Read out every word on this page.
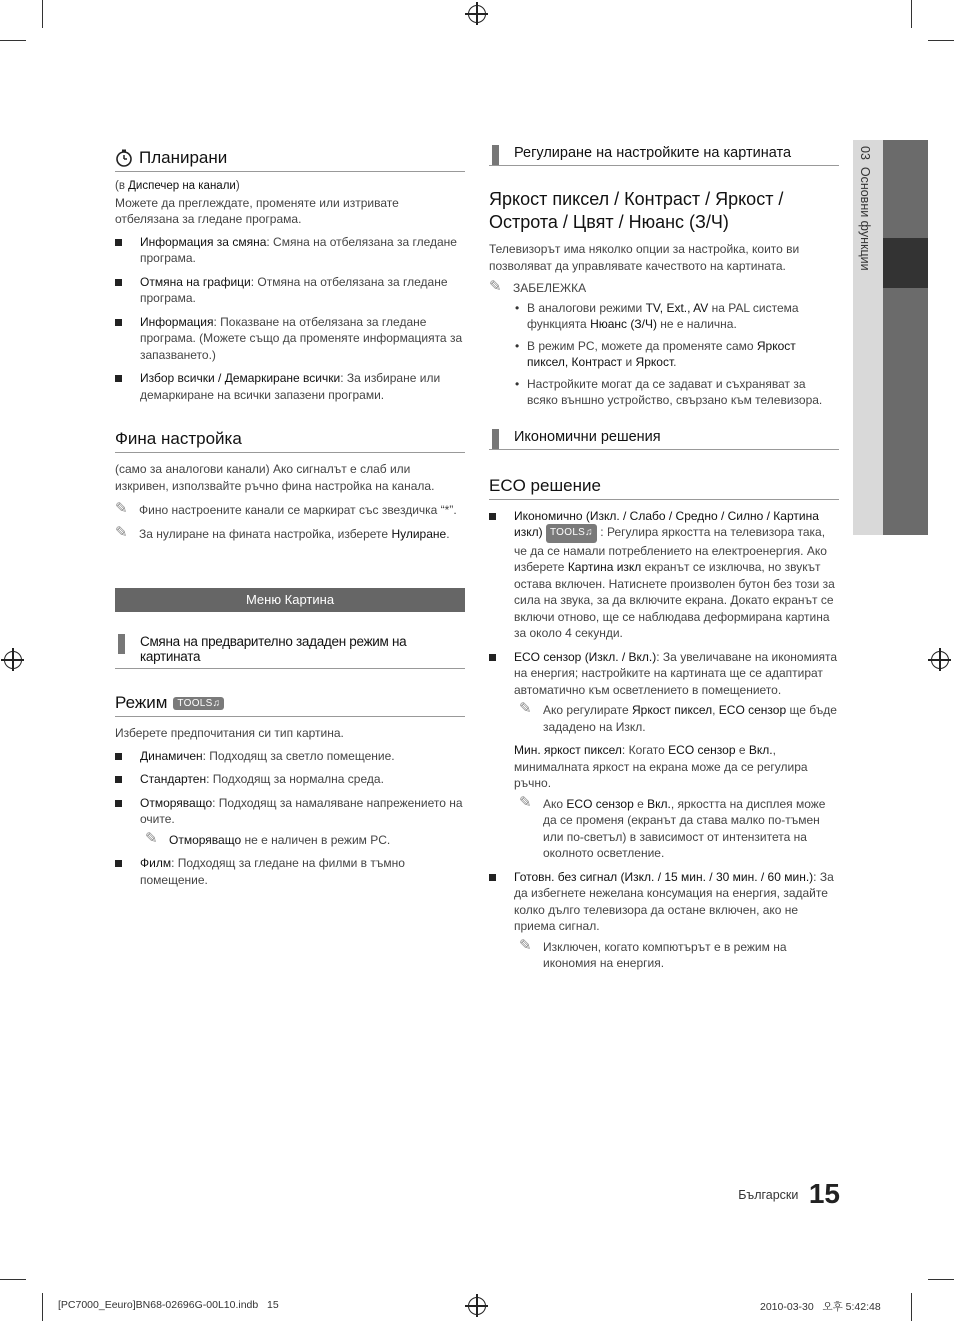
03  Основни функции
Планирани
(в Диспечер на канали)
Можете да преглеждате, променяте или изтривате отбелязана за гледане програма.
Информация за смяна: Смяна на отбелязана за гледане програма.
Отмяна на графици: Отмяна на отбелязана за гледане програма.
Информация: Показване на отбелязана за гледане програма. (Можете също да променяте информацията за запазването.)
Избор всички / Демаркиране всички: За избиране или демаркиране на всички запазени програми.
Фина настройка
(само за аналогови канали) Ако сигналът е слаб или изкривен, използвайте ръчно фина настройка на канала.
✎ Фино настроените канали се маркират със звездичка “*”.
✎ За нулиране на фината настройка, изберете Нулиране.
Меню Картина
Смяна на предварително зададен режим на картината
Режим	TOOLS♫
Изберете предпочитания си тип картина.
Динамичен: Подходящ за светло помещение.
Стандартен: Подходящ за нормална среда.
Отморяващо: Подходящ за намаляване напрежението на очите.
✎ Отморяващо не е наличен в режим PC.
Филм: Подходящ за гледане на филми в тъмно помещение.
Регулиране на настройките на картината
Яркост пиксел / Контраст / Яркост / Острота / Цвят / Нюанс (З/Ч)
Телевизорът има няколко опции за настройка, които ви позволяват да управлявате качеството на картината.
✎ ЗАБЕЛЕЖКА
• В аналогови режими TV, Ext., AV на PAL система функцията Нюанс (З/Ч) не е налична.
• В режим PC, можете да променяте само Яркост пиксел, Контраст и Яркост.
• Настройките могат да се задават и съхраняват за всяко външно устройство, свързано към телевизора.
Икономични решения
ECO решение
Икономично (Изкл. / Слабо / Средно / Силно / Картина изкл) TOOLS♫ : Регулира яркостта на телевизора така, че да се намали потреблението на електроенергия. Ако изберете Картина изкл екранът се изключва, но звукът остава включен. Натиснете произволен бутон без този за сила на звука, за да включите екрана. Докато екранът се включи отново, ще се наблюдава деформирана картина за около 4 секунди.
ECO сензор (Изкл. / Вкл.): За увеличаване на икономията на енергия; настройките на картината ще се адаптират автоматично към осветлението в помещението.
✎ Ако регулирате Яркост пиксел, ECO сензор ще бъде зададено на Изкл.
Мин. яркост пиксел: Когато ECO сензор е Вкл., минималната яркост на екрана може да се регулира ръчно.
✎ Ако ECO сензор е Вкл., яркостта на дисплея може да се променя (екранът да става малко по-тъмен или по-светъл) в зависимост от интензитета на околното осветление.
Готовн. без сигнал (Изкл. / 15 мин. / 30 мин. / 60 мин.): За да избегнете нежелана консумация на енергия, задайте колко дълго телевизора да остане включен, ако не приема сигнал.
✎ Изключен, когато компютърът е в режим на икономия на енергия.
$^{Български}$ 15
[PC7000_Eeuro]BN68-02696G-00L10.indb   15	2010-03-30   오후 5:42:48
